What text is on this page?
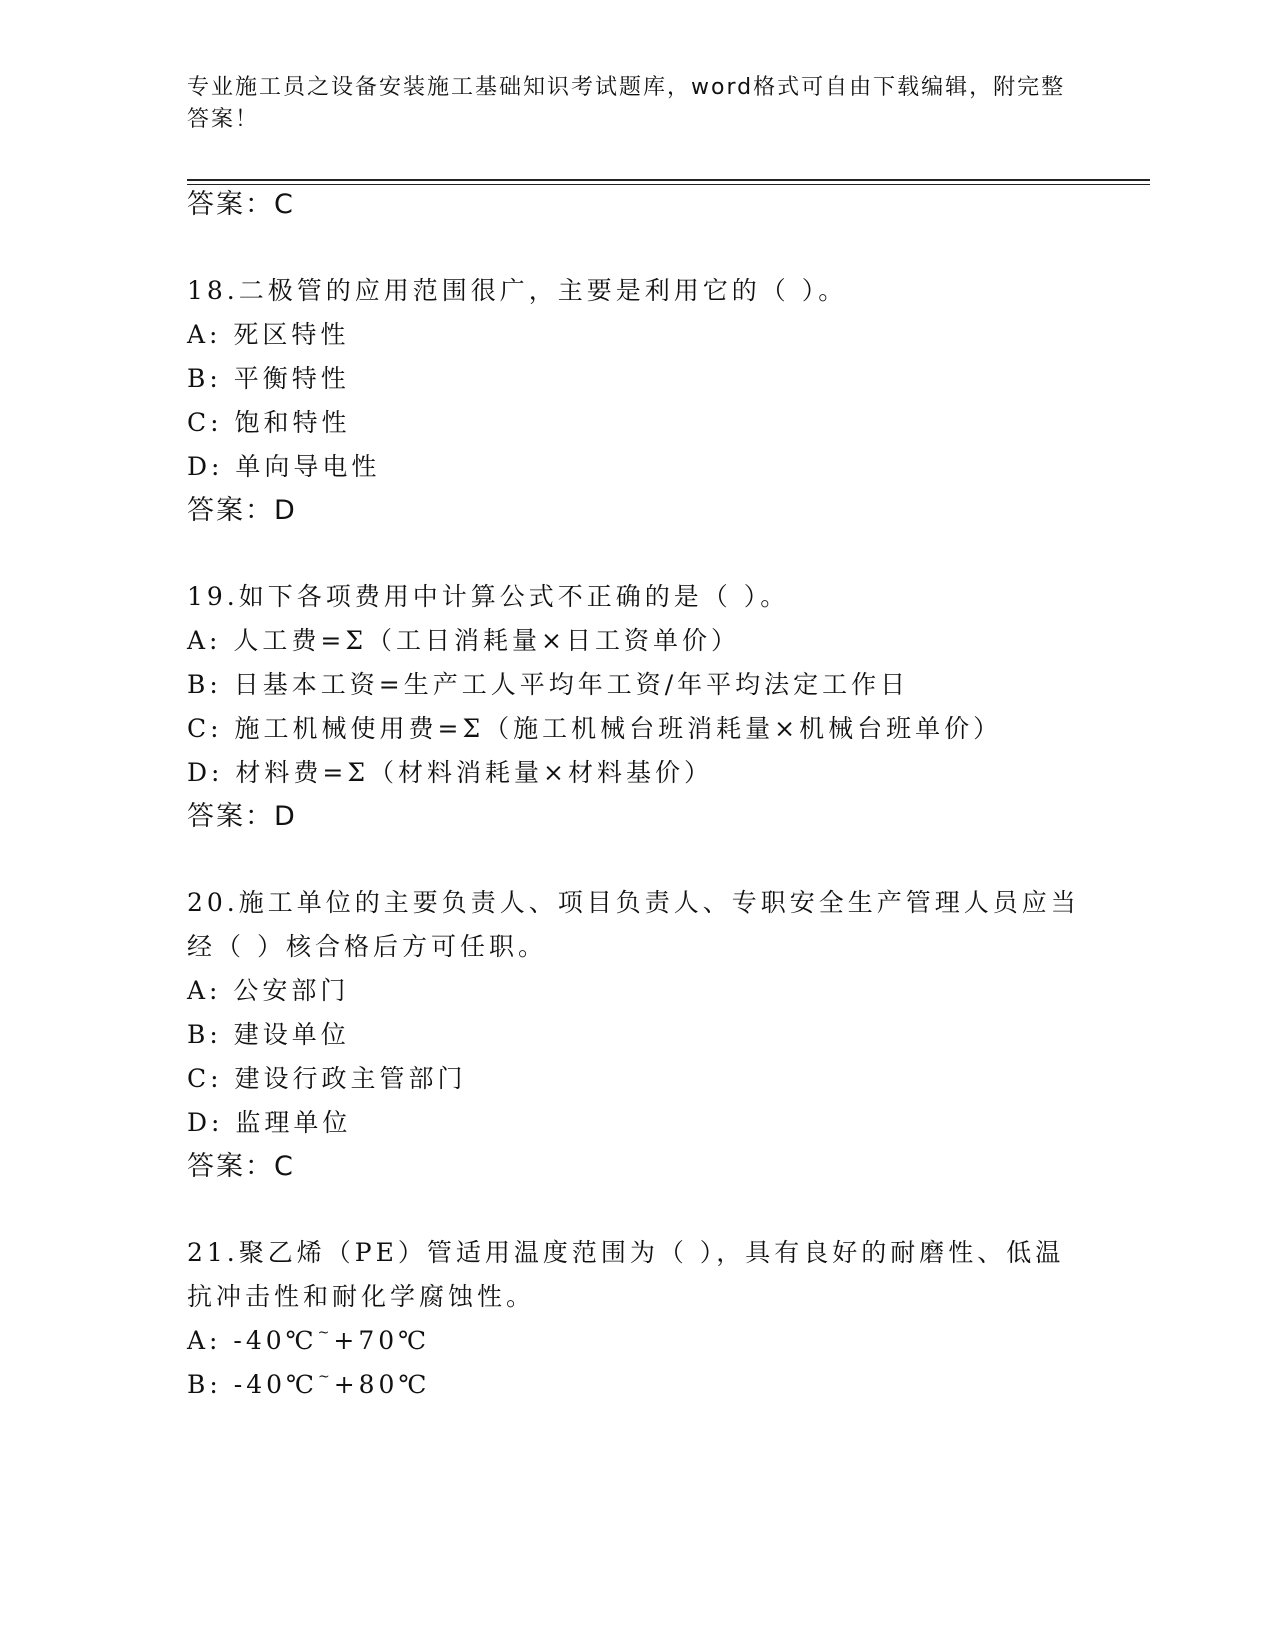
专业施工员之设备安装施工基础知识考试题库，word格式可自由下载编辑，附完整答案！
答案：C
18.二极管的应用范围很广，主要是利用它的（ ）。
A: 死区特性
B: 平衡特性
C: 饱和特性
D: 单向导电性
答案：D
19.如下各项费用中计算公式不正确的是（ ）。
A: 人工费=Σ（工日消耗量×日工资单价）
B: 日基本工资=生产工人平均年工资/年平均法定工作日
C: 施工机械使用费=Σ（施工机械台班消耗量×机械台班单价）
D: 材料费=Σ（材料消耗量×材料基价）
答案：D
20.施工单位的主要负责人、项目负责人、专职安全生产管理人员应当
经（ ）核合格后方可任职。
A: 公安部门
B: 建设单位
C: 建设行政主管部门
D: 监理单位
答案：C
21.聚乙烯（PE）管适用温度范围为（ ），具有良好的耐磨性、低温
抗冲击性和耐化学腐蚀性。
A: -40℃~+70℃
B: -40℃~+80℃
